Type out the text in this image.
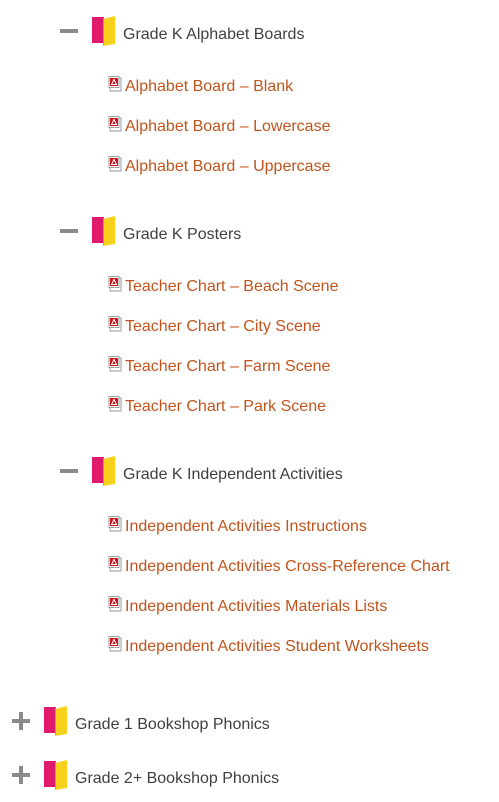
Grade K Alphabet Boards
Alphabet Board – Blank
Alphabet Board – Lowercase
Alphabet Board – Uppercase
Grade K Posters
Teacher Chart – Beach Scene
Teacher Chart – City Scene
Teacher Chart – Farm Scene
Teacher Chart – Park Scene
Grade K Independent Activities
Independent Activities Instructions
Independent Activities Cross-Reference Chart
Independent Activities Materials Lists
Independent Activities Student Worksheets
Grade 1 Bookshop Phonics
Grade 2+ Bookshop Phonics
